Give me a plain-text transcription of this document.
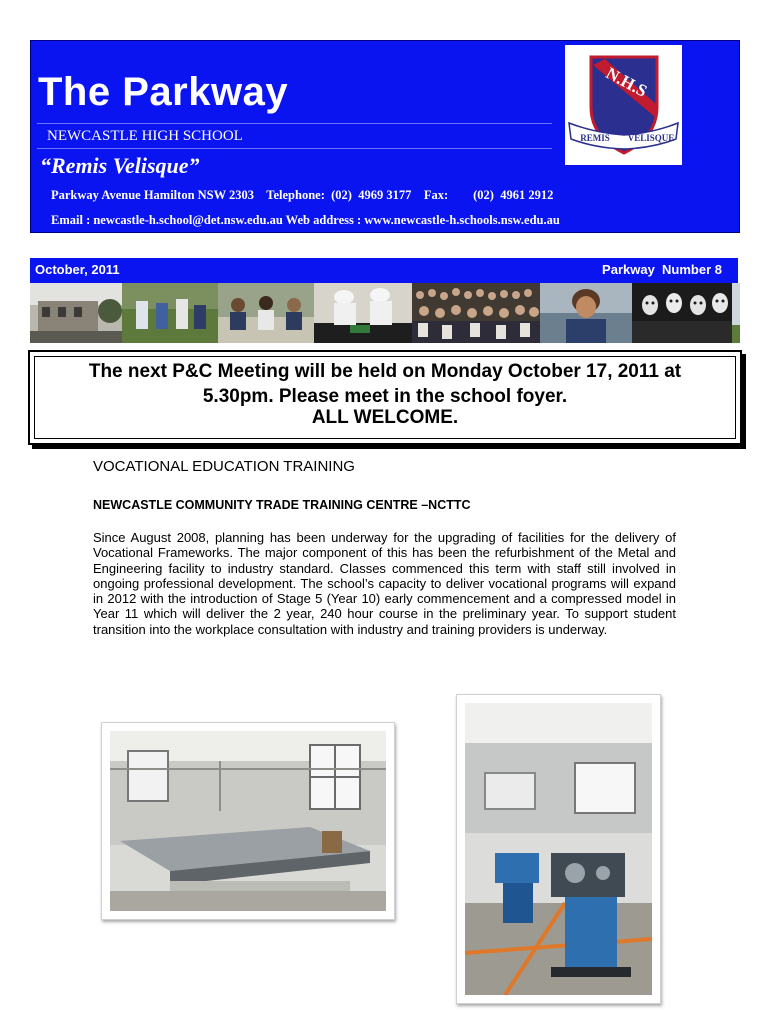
The Parkway
NEWCASTLE HIGH SCHOOL
“Remis Velisque”
Parkway Avenue Hamilton NSW 2303    Telephone:  (02)  4969 3177    Fax:        (02)  4961 2912
Email : newcastle-h.school@det.nsw.edu.au Web address : www.newcastle-h.schools.nsw.edu.au
N.H.S
REMIS VELISQUE
October, 2011	Parkway  Number 8
The next P&C Meeting will be held on Monday October 17, 2011 at
5.30pm. Please meet in the school foyer.
ALL WELCOME.
VOCATIONAL EDUCATION TRAINING
NEWCASTLE COMMUNITY TRADE TRAINING CENTRE –NCTTC

Since August 2008, planning has been underway for the upgrading of facilities for the delivery of Vocational Frameworks. The major component of this has been the refurbishment of the Metal and Engineering facility to industry standard. Classes commenced this term with staff still involved in ongoing professional development. The school’s capacity to deliver vocational programs will expand in 2012 with the introduction of Stage 5 (Year 10) early commencement and a compressed model in Year 11 which will deliver the 2 year, 240 hour course in the preliminary year. To support student transition into the workplace consultation with industry and training providers is underway.
